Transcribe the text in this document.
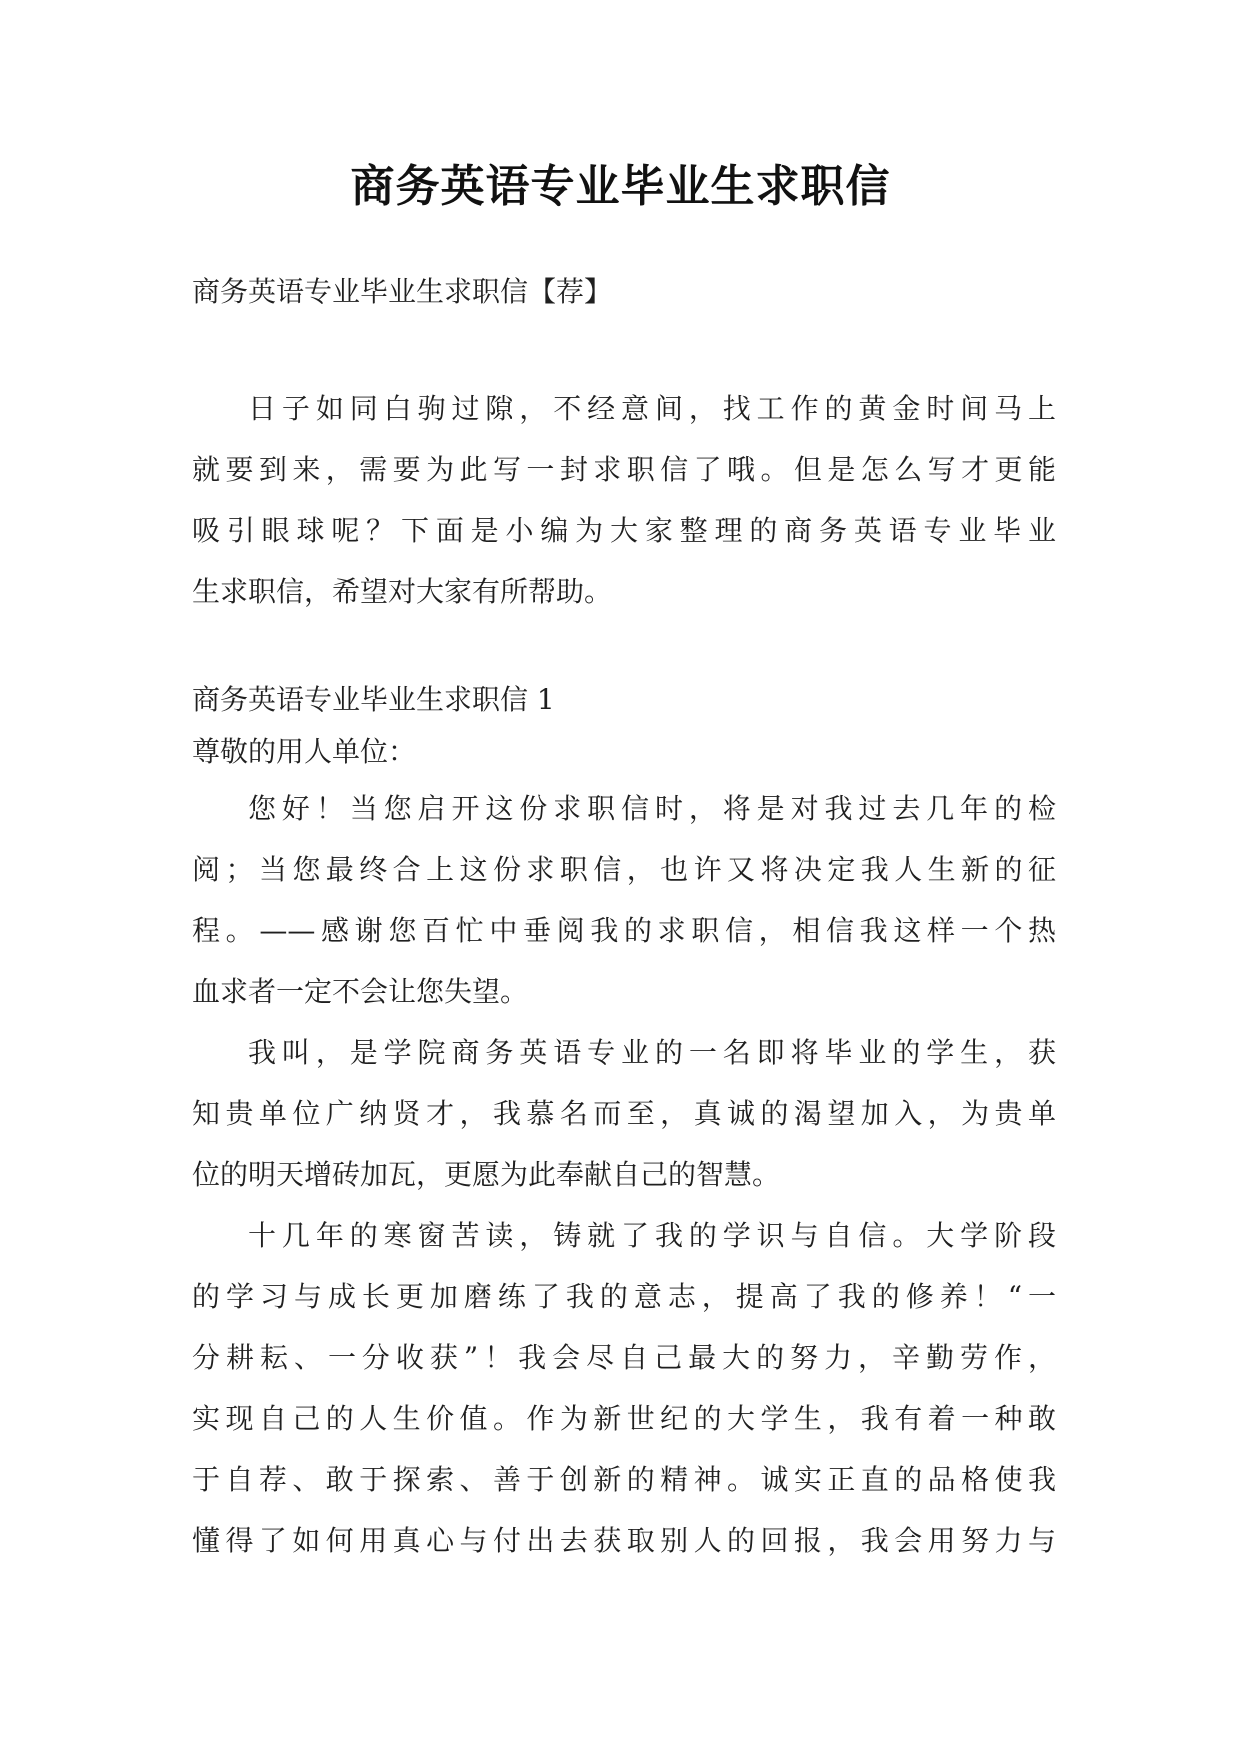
商务英语专业毕业生求职信
商务英语专业毕业生求职信【荐】
日子如同白驹过隙，不经意间，找工作的黄金时间马上
就要到来，需要为此写一封求职信了哦。但是怎么写才更能
吸引眼球呢？下面是小编为大家整理的商务英语专业毕业
生求职信，希望对大家有所帮助。
商务英语专业毕业生求职信 1
尊敬的用人单位：
您好！当您启开这份求职信时，将是对我过去几年的检
阅；当您最终合上这份求职信，也许又将决定我人生新的征
程。——感谢您百忙中垂阅我的求职信，相信我这样一个热
血求者一定不会让您失望。
我叫，是学院商务英语专业的一名即将毕业的学生，获
知贵单位广纳贤才，我慕名而至，真诚的渴望加入，为贵单
位的明天增砖加瓦，更愿为此奉献自己的智慧。
十几年的寒窗苦读，铸就了我的学识与自信。大学阶段
的学习与成长更加磨练了我的意志，提高了我的修养！“一
分耕耘、一分收获”！我会尽自己最大的努力，辛勤劳作，
实现自己的人生价值。作为新世纪的大学生，我有着一种敢
于自荐、敢于探索、善于创新的精神。诚实正直的品格使我
懂得了如何用真心与付出去获取别人的回报，我会用努力与
